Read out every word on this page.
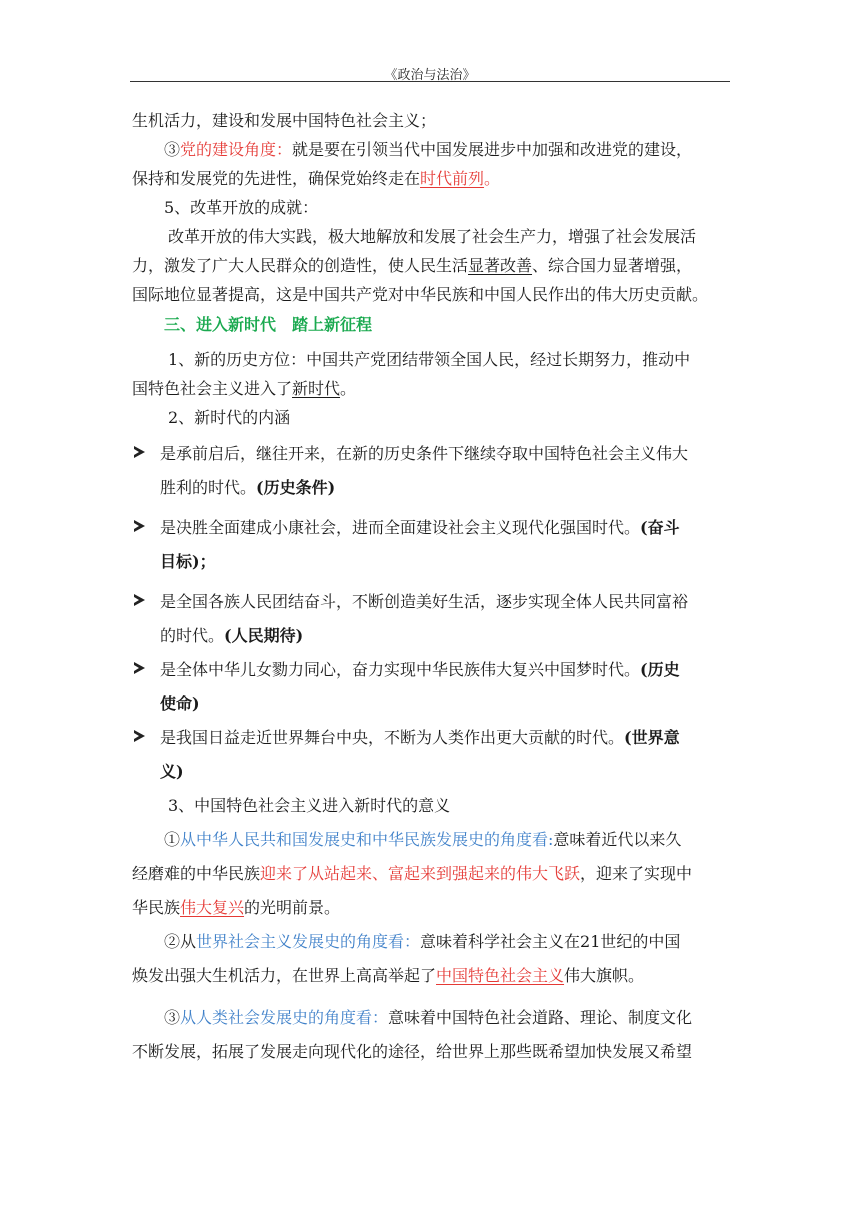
《政治与法治》
生机活力，建设和发展中国特色社会主义；
③党的建设角度：就是要在引领当代中国发展进步中加强和改进党的建设，
保持和发展党的先进性，确保党始终走在时代前列。
5、改革开放的成就：
改革开放的伟大实践，极大地解放和发展了社会生产力，增强了社会发展活
力，激发了广大人民群众的创造性，使人民生活显著改善、综合国力显著增强，
国际地位显著提高，这是中国共产党对中华民族和中国人民作出的伟大历史贡献。
三、进入新时代　踏上新征程
1、新的历史方位：中国共产党团结带领全国人民，经过长期努力，推动中
国特色社会主义进入了新时代。
2、新时代的内涵
是承前启后，继往开来，在新的历史条件下继续夺取中国特色社会主义伟大
胜利的时代。(历史条件)
是决胜全面建成小康社会，进而全面建设社会主义现代化强国时代。(奋斗
目标)；
是全国各族人民团结奋斗，不断创造美好生活，逐步实现全体人民共同富裕
的时代。(人民期待)
是全体中华儿女勠力同心，奋力实现中华民族伟大复兴中国梦时代。(历史
使命)
是我国日益走近世界舞台中央，不断为人类作出更大贡献的时代。(世界意
义)
3、中国特色社会主义进入新时代的意义
①从中华人民共和国发展史和中华民族发展史的角度看:意味着近代以来久
经磨难的中华民族迎来了从站起来、富起来到强起来的伟大飞跃，迎来了实现中
华民族伟大复兴的光明前景。
②从世界社会主义发展史的角度看：意味着科学社会主义在21世纪的中国
焕发出强大生机活力，在世界上高高举起了中国特色社会主义伟大旗帜。
③从人类社会发展史的角度看：意味着中国特色社会道路、理论、制度文化
不断发展，拓展了发展走向现代化的途径，给世界上那些既希望加快发展又希望
